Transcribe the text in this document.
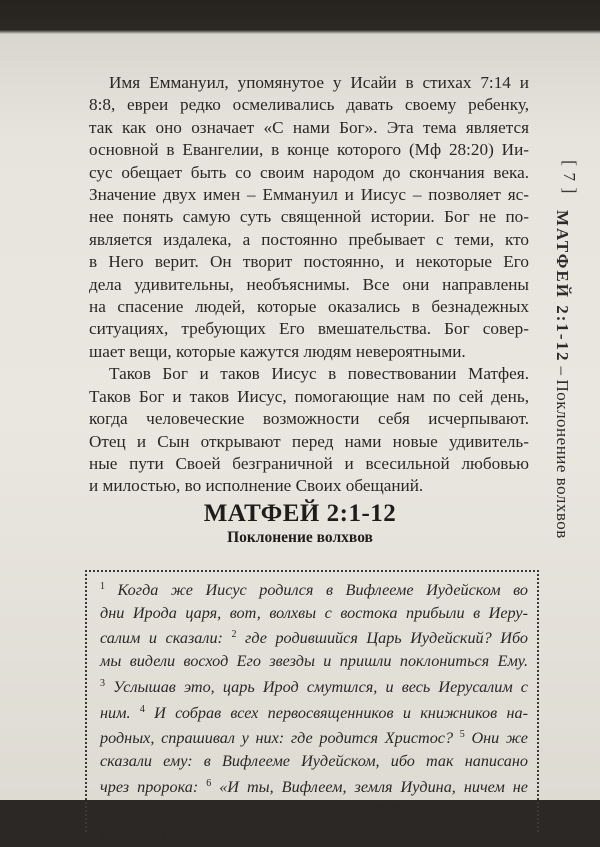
Имя Еммануил, упомянутое у Исайи в стихах 7:14 и
8:8, евреи редко осмеливались давать своему ребенку,
так как оно означает «С нами Бог». Эта тема является
основной в Евангелии, в конце которого (Мф 28:20) Ии-
сус обещает быть со своим народом до скончания века.
Значение двух имен – Еммануил и Иисус – позволяет яс-
нее понять самую суть священной истории. Бог не по-
является издалека, а постоянно пребывает с теми, кто
в Него верит. Он творит постоянно, и некоторые Его
дела удивительны, необъяснимы. Все они направлены
на спасение людей, которые оказались в безнадежных
ситуациях, требующих Его вмешательства. Бог совер-
шает вещи, которые кажутся людям невероятными.
Таков Бог и таков Иисус в повествовании Матфея.
Таков Бог и таков Иисус, помогающие нам по сей день,
когда человеческие возможности себя исчерпывают.
Отец и Сын открывают перед нами новые удивитель-
ные пути Своей безграничной и всесильной любовью
и милостью, во исполнение Своих обещаний.
МАТФЕЙ 2:1-12
Поклонение волхвов
$^1$ Когда же Иисус родился в Вифлееме Иудейском во
дни Ирода царя, вот, волхвы с востока прибыли в Иеру-
салим и сказали: $^2$ где родившийся Царь Иудейский? Ибо
мы видели восход Его звезды и пришли поклониться Ему.
$^3$ Услышав это, царь Ирод смутился, и весь Иерусалим с
ним. $^4$ И собрав всех первосвященников и книжников на-
родных, спрашивал у них: где родится Христос? $^5$ Они же
сказали ему: в Вифлееме Иудейском, ибо так написано
чрез пророка: $^6$ «И ты, Вифлеем, земля Иудина, ничем не
меньше правителей Иудиных; ибо из тебя выйдет Вождь,
Который будет пасти народ Мой, Израиля». $^7$ Тогда
[ 7 ]
МАТФЕЙ 2:1-12–Поклонение волхвов
